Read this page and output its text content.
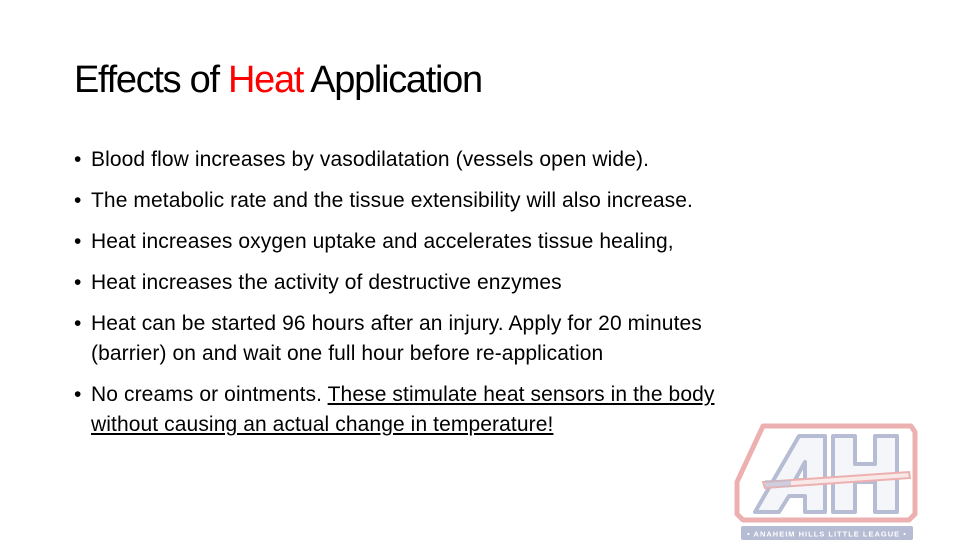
Effects of Heat Application
• Blood flow increases by vasodilatation (vessels open wide).
• The metabolic rate and the tissue extensibility will also increase.
• Heat increases oxygen uptake and accelerates tissue healing,
• Heat increases the activity of destructive enzymes
• Heat can be started 96 hours after an injury. Apply for 20 minutes
(barrier) on and wait one full hour before re-application
• No creams or ointments. These stimulate heat sensors in the body
without causing an actual change in temperature!
• ANAHEIM HILLS LITTLE LEAGUE •
